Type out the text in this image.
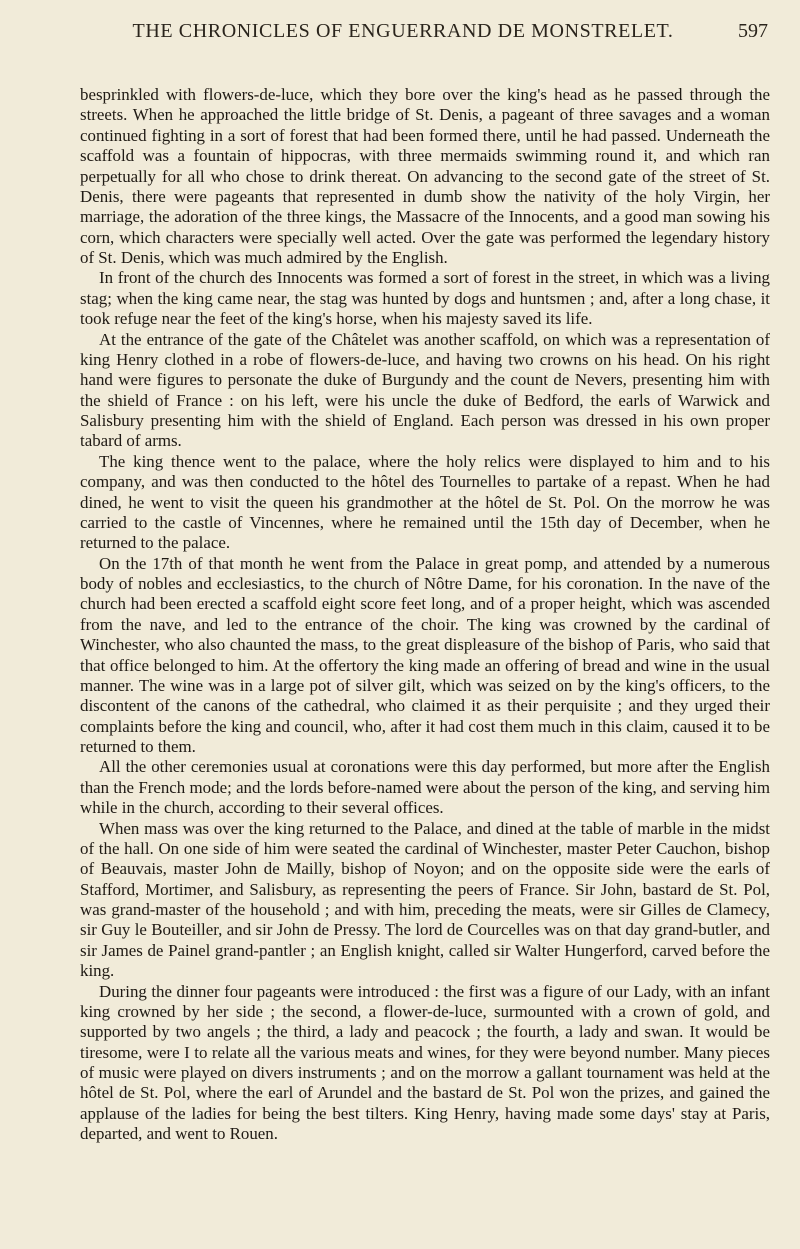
THE CHRONICLES OF ENGUERRAND DE MONSTRELET.	597

besprinkled with flowers-de-luce, which they bore over the king's head as he passed through the streets. When he approached the little bridge of St. Denis, a pageant of three savages and a woman continued fighting in a sort of forest that had been formed there, until he had passed. Underneath the scaffold was a fountain of hippocras, with three mermaids swimming round it, and which ran perpetually for all who chose to drink thereat. On advancing to the second gate of the street of St. Denis, there were pageants that represented in dumb show the nativity of the holy Virgin, her marriage, the adoration of the three kings, the Massacre of the Innocents, and a good man sowing his corn, which characters were specially well acted. Over the gate was performed the legendary history of St. Denis, which was much admired by the English.

In front of the church des Innocents was formed a sort of forest in the street, in which was a living stag; when the king came near, the stag was hunted by dogs and huntsmen ; and, after a long chase, it took refuge near the feet of the king's horse, when his majesty saved its life.

At the entrance of the gate of the Châtelet was another scaffold, on which was a representation of king Henry clothed in a robe of flowers-de-luce, and having two crowns on his head. On his right hand were figures to personate the duke of Burgundy and the count de Nevers, presenting him with the shield of France : on his left, were his uncle the duke of Bedford, the earls of Warwick and Salisbury presenting him with the shield of England. Each person was dressed in his own proper tabard of arms.

The king thence went to the palace, where the holy relics were displayed to him and to his company, and was then conducted to the hôtel des Tournelles to partake of a repast. When he had dined, he went to visit the queen his grandmother at the hôtel de St. Pol. On the morrow he was carried to the castle of Vincennes, where he remained until the 15th day of December, when he returned to the palace.

On the 17th of that month he went from the Palace in great pomp, and attended by a numerous body of nobles and ecclesiastics, to the church of Nôtre Dame, for his coronation. In the nave of the church had been erected a scaffold eight score feet long, and of a proper height, which was ascended from the nave, and led to the entrance of the choir. The king was crowned by the cardinal of Winchester, who also chaunted the mass, to the great displeasure of the bishop of Paris, who said that that office belonged to him. At the offertory the king made an offering of bread and wine in the usual manner. The wine was in a large pot of silver gilt, which was seized on by the king's officers, to the discontent of the canons of the cathedral, who claimed it as their perquisite ; and they urged their complaints before the king and council, who, after it had cost them much in this claim, caused it to be returned to them.

All the other ceremonies usual at coronations were this day performed, but more after the English than the French mode; and the lords before-named were about the person of the king, and serving him while in the church, according to their several offices.

When mass was over the king returned to the Palace, and dined at the table of marble in the midst of the hall. On one side of him were seated the cardinal of Winchester, master Peter Cauchon, bishop of Beauvais, master John de Mailly, bishop of Noyon; and on the opposite side were the earls of Stafford, Mortimer, and Salisbury, as representing the peers of France. Sir John, bastard de St. Pol, was grand-master of the household ; and with him, preceding the meats, were sir Gilles de Clamecy, sir Guy le Bouteiller, and sir John de Pressy. The lord de Courcelles was on that day grand-butler, and sir James de Painel grand-pantler ; an English knight, called sir Walter Hungerford, carved before the king.

During the dinner four pageants were introduced : the first was a figure of our Lady, with an infant king crowned by her side ; the second, a flower-de-luce, surmounted with a crown of gold, and supported by two angels ; the third, a lady and peacock ; the fourth, a lady and swan. It would be tiresome, were I to relate all the various meats and wines, for they were beyond number. Many pieces of music were played on divers instruments ; and on the morrow a gallant tournament was held at the hôtel de St. Pol, where the earl of Arundel and the bastard de St. Pol won the prizes, and gained the applause of the ladies for being the best tilters. King Henry, having made some days' stay at Paris, departed, and went to Rouen.
